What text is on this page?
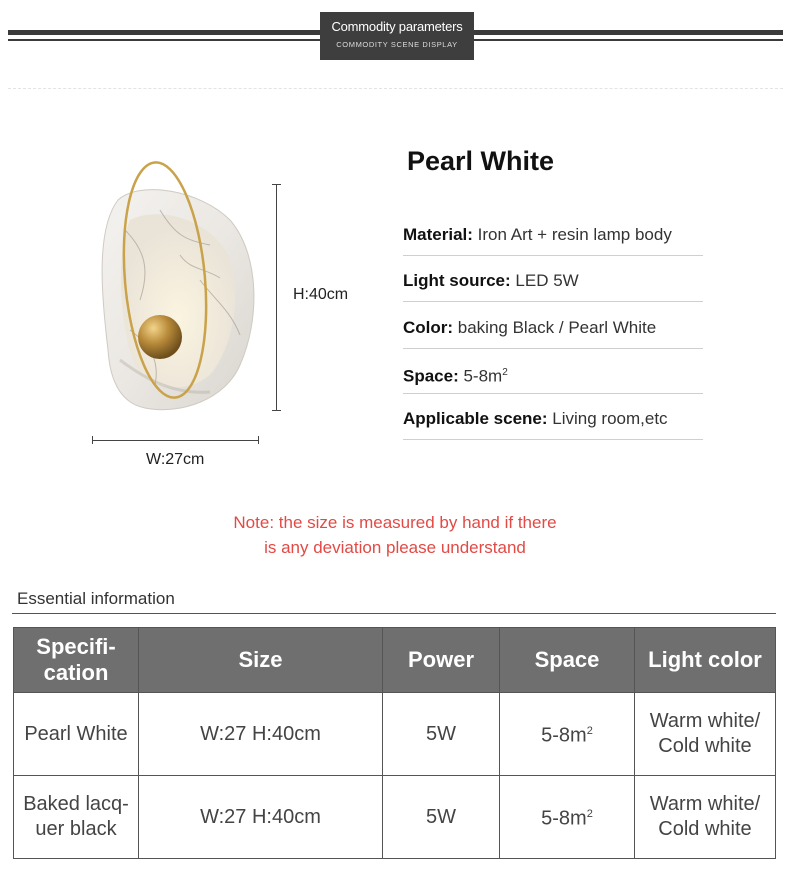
Commodity parameters
COMMODITY SCENE DISPLAY
H:40cm
W:27cm
Pearl White
Material: Iron Art + resin lamp body
Light source: LED 5W
Color: baking Black / Pearl White
Space: $5-8m^2$
Applicable scene: Living room,etc
Note: the size is measured by hand if there
is any deviation please understand
Essential information
Specifi-
cation	Size	Power	Space	Light color
Pearl White	W:27 H:40cm	5W	$5-8m^2$	Warm white/
Cold white
Baked lacq-
uer black	W:27 H:40cm	5W	$5-8m^2$	Warm white/
Cold white
